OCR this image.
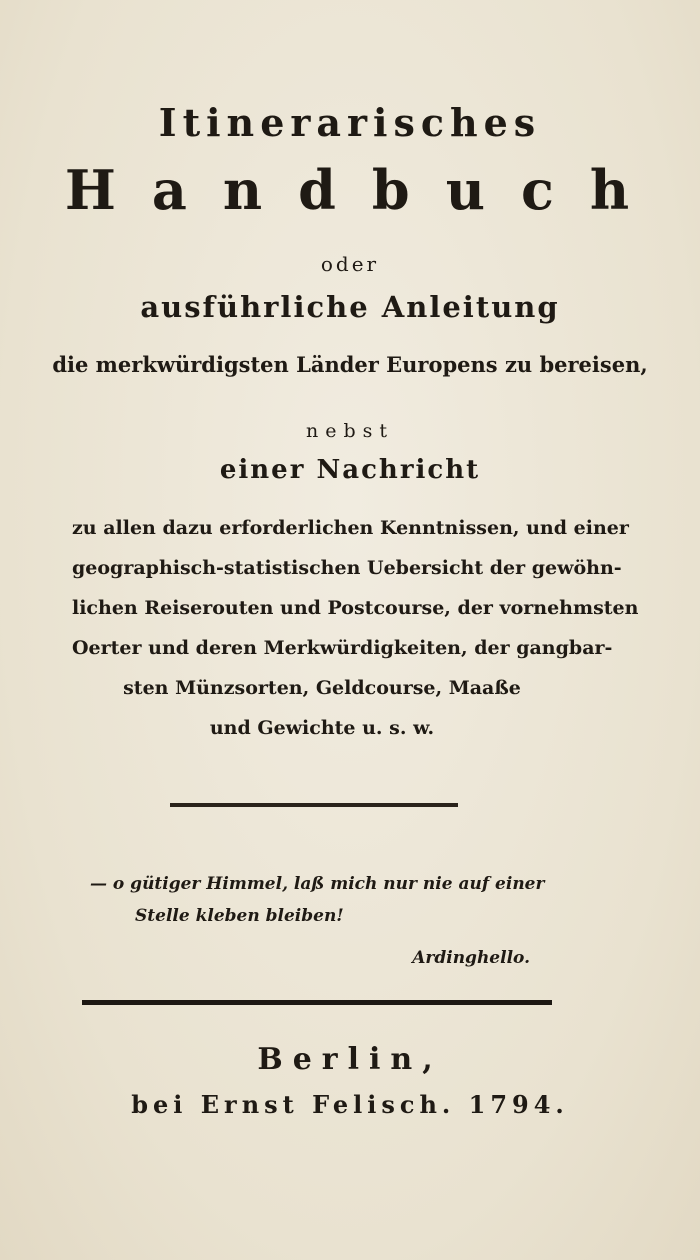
Itinerarisches
Handbuch
oder
ausführliche Anleitung
die merkwürdigsten Länder Europens zu bereisen,
nebst
einer Nachricht
zu allen dazu erforderlichen Kenntnissen, und einer
geographisch-statistischen Uebersicht der gewöhn-
lichen Reiserouten und Postcourse, der vornehmsten
Oerter und deren Merkwürdigkeiten, der gangbar-
sten Münzsorten, Geldcourse, Maaße
und Gewichte u. s. w.
— o gütiger Himmel, laß mich nur nie auf einer
Stelle kleben bleiben!
Ardinghello.
Berlin,
bei Ernst Felisch. 1794.
